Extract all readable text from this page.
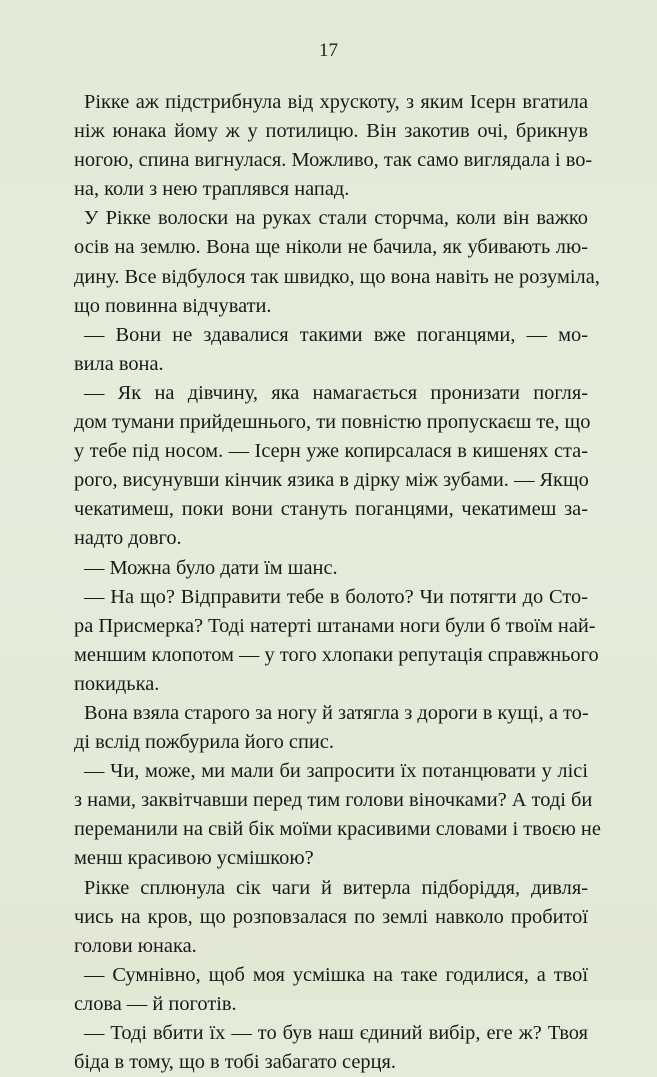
17
Рікке аж підстрибнула від хрускоту, з яким Ісерн вгатила
ніж юнака йому ж у потилицю. Він закотив очі, брикнув
ногою, спина вигнулася. Можливо, так само виглядала і во-
на, коли з нею траплявся напад.
У Рікке волоски на руках стали сторчма, коли він важко
осів на землю. Вона ще ніколи не бачила, як убивають лю-
дину. Все відбулося так швидко, що вона навіть не розуміла,
що повинна відчувати.
— Вони не здавалися такими вже поганцями, — мо-
вила вона.
— Як на дівчину, яка намагається пронизати погля-
дом тумани прийдешнього, ти повністю пропускаєш те, що
у тебе під носом. — Ісерн уже копирсалася в кишенях ста-
рого, висунувши кінчик язика в дірку між зубами. — Якщо
чекатимеш, поки вони стануть поганцями, чекатимеш за-
надто довго.
— Можна було дати їм шанс.
— На що? Відправити тебе в болото? Чи потягти до Сто-
ра Присмерка? Тоді натерті штанами ноги були б твоїм най-
меншим клопотом — у того хлопаки репутація справжнього
покидька.
Вона взяла старого за ногу й затягла з дороги в кущі, а то-
ді вслід пожбурила його спис.
— Чи, може, ми мали би запросити їх потанцювати у лісі
з нами, заквітчавши перед тим голови віночками? А тоді би
переманили на свій бік моїми красивими словами і твоєю не
менш красивою усмішкою?
Рікке сплюнула сік чаги й витерла підборіддя, дивля-
чись на кров, що розповзалася по землі навколо пробитої
голови юнака.
— Сумнівно, щоб моя усмішка на таке годилися, а твої
слова — й поготів.
— Тоді вбити їх — то був наш єдиний вибір, еге ж? Твоя
біда в тому, що в тобі забагато серця.
